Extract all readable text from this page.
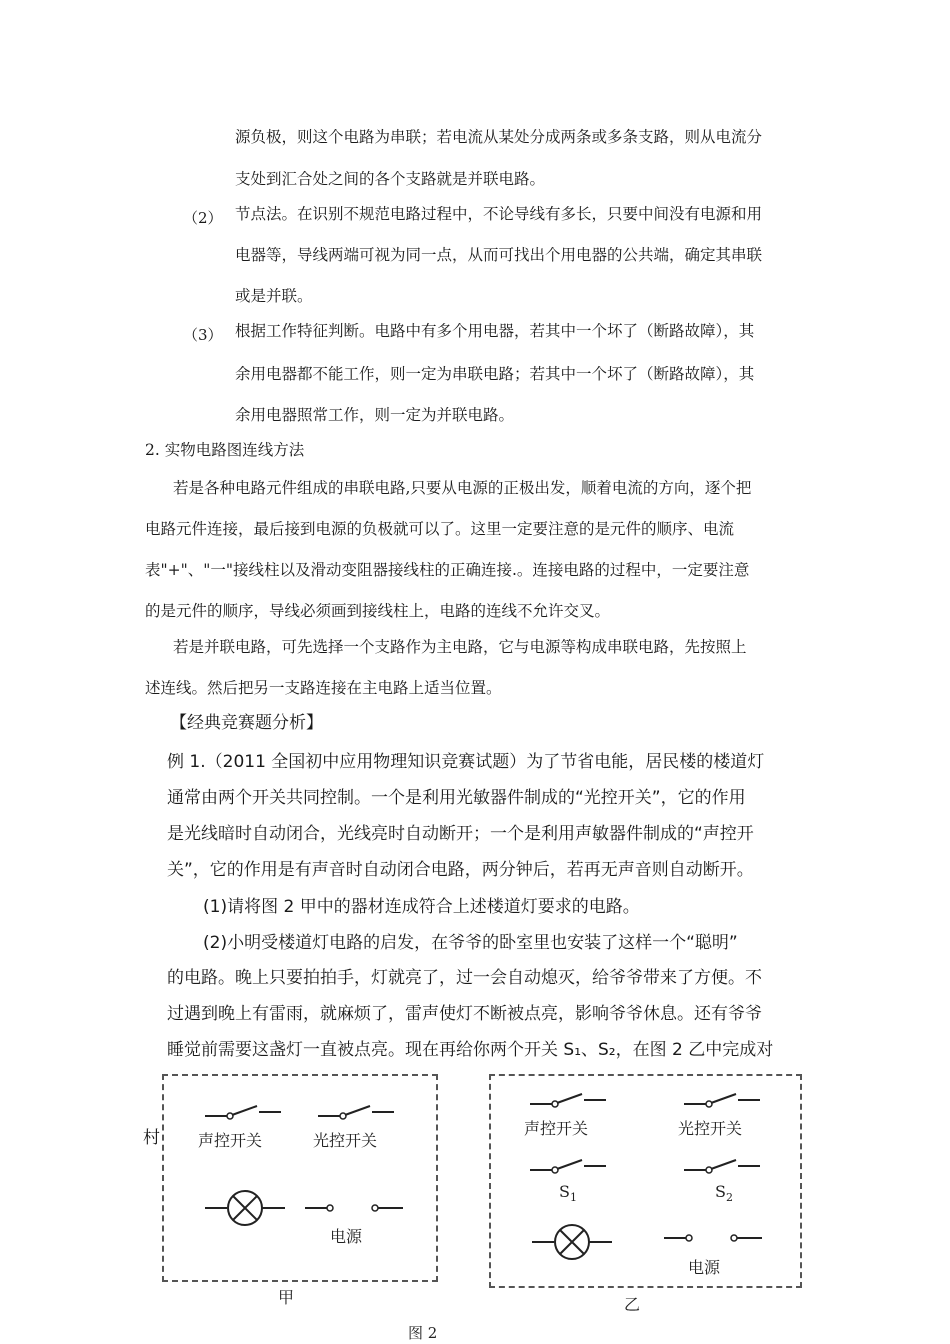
源负极，则这个电路为串联；若电流从某处分成两条或多条支路，则从电流分
支处到汇合处之间的各个支路就是并联电路。
（2） 节点法。在识别不规范电路过程中，不论导线有多长，只要中间没有电源和用
电器等，导线两端可视为同一点，从而可找出个用电器的公共端，确定其串联
或是并联。
（3） 根据工作特征判断。电路中有多个用电器，若其中一个坏了（断路故障），其
余用电器都不能工作，则一定为串联电路；若其中一个坏了（断路故障），其
余用电器照常工作，则一定为并联电路。
2. 实物电路图连线方法
若是各种电路元件组成的串联电路,只要从电源的正极出发，顺着电流的方向，逐个把
电路元件连接，最后接到电源的负极就可以了。这里一定要注意的是元件的顺序、电流
表"+"、"一"接线柱以及滑动变阻器接线柱的正确连接.。连接电路的过程中，一定要注意
的是元件的顺序，导线必须画到接线柱上，电路的连线不允许交叉。
若是并联电路，可先选择一个支路作为主电路，它与电源等构成串联电路，先按照上
述连线。然后把另一支路连接在主电路上适当位置。
【经典竞赛题分析】
例 1.（2011 全国初中应用物理知识竞赛试题）为了节省电能，居民楼的楼道灯
通常由两个开关共同控制。一个是利用光敏器件制成的“光控开关”，它的作用
是光线暗时自动闭合，光线亮时自动断开；一个是利用声敏器件制成的“声控开
关”，它的作用是有声音时自动闭合电路，两分钟后，若再无声音则自动断开。
(1)请将图 2 甲中的器材连成符合上述楼道灯要求的电路。
(2)小明受楼道灯电路的启发，在爷爷的卧室里也安装了这样一个“聪明”
的电路。晚上只要拍拍手，灯就亮了，过一会自动熄灭，给爷爷带来了方便。不
过遇到晚上有雷雨，就麻烦了，雷声使灯不断被点亮，影响爷爷休息。还有爷爷
睡觉前需要这盏灯一直被点亮。现在再给你两个开关 S₁、S₂，在图 2 乙中完成对
村 声控开关	光控开关
电源
甲
声控开关	光控开关
$S_1$	$S_2$
电源
乙
图 2
